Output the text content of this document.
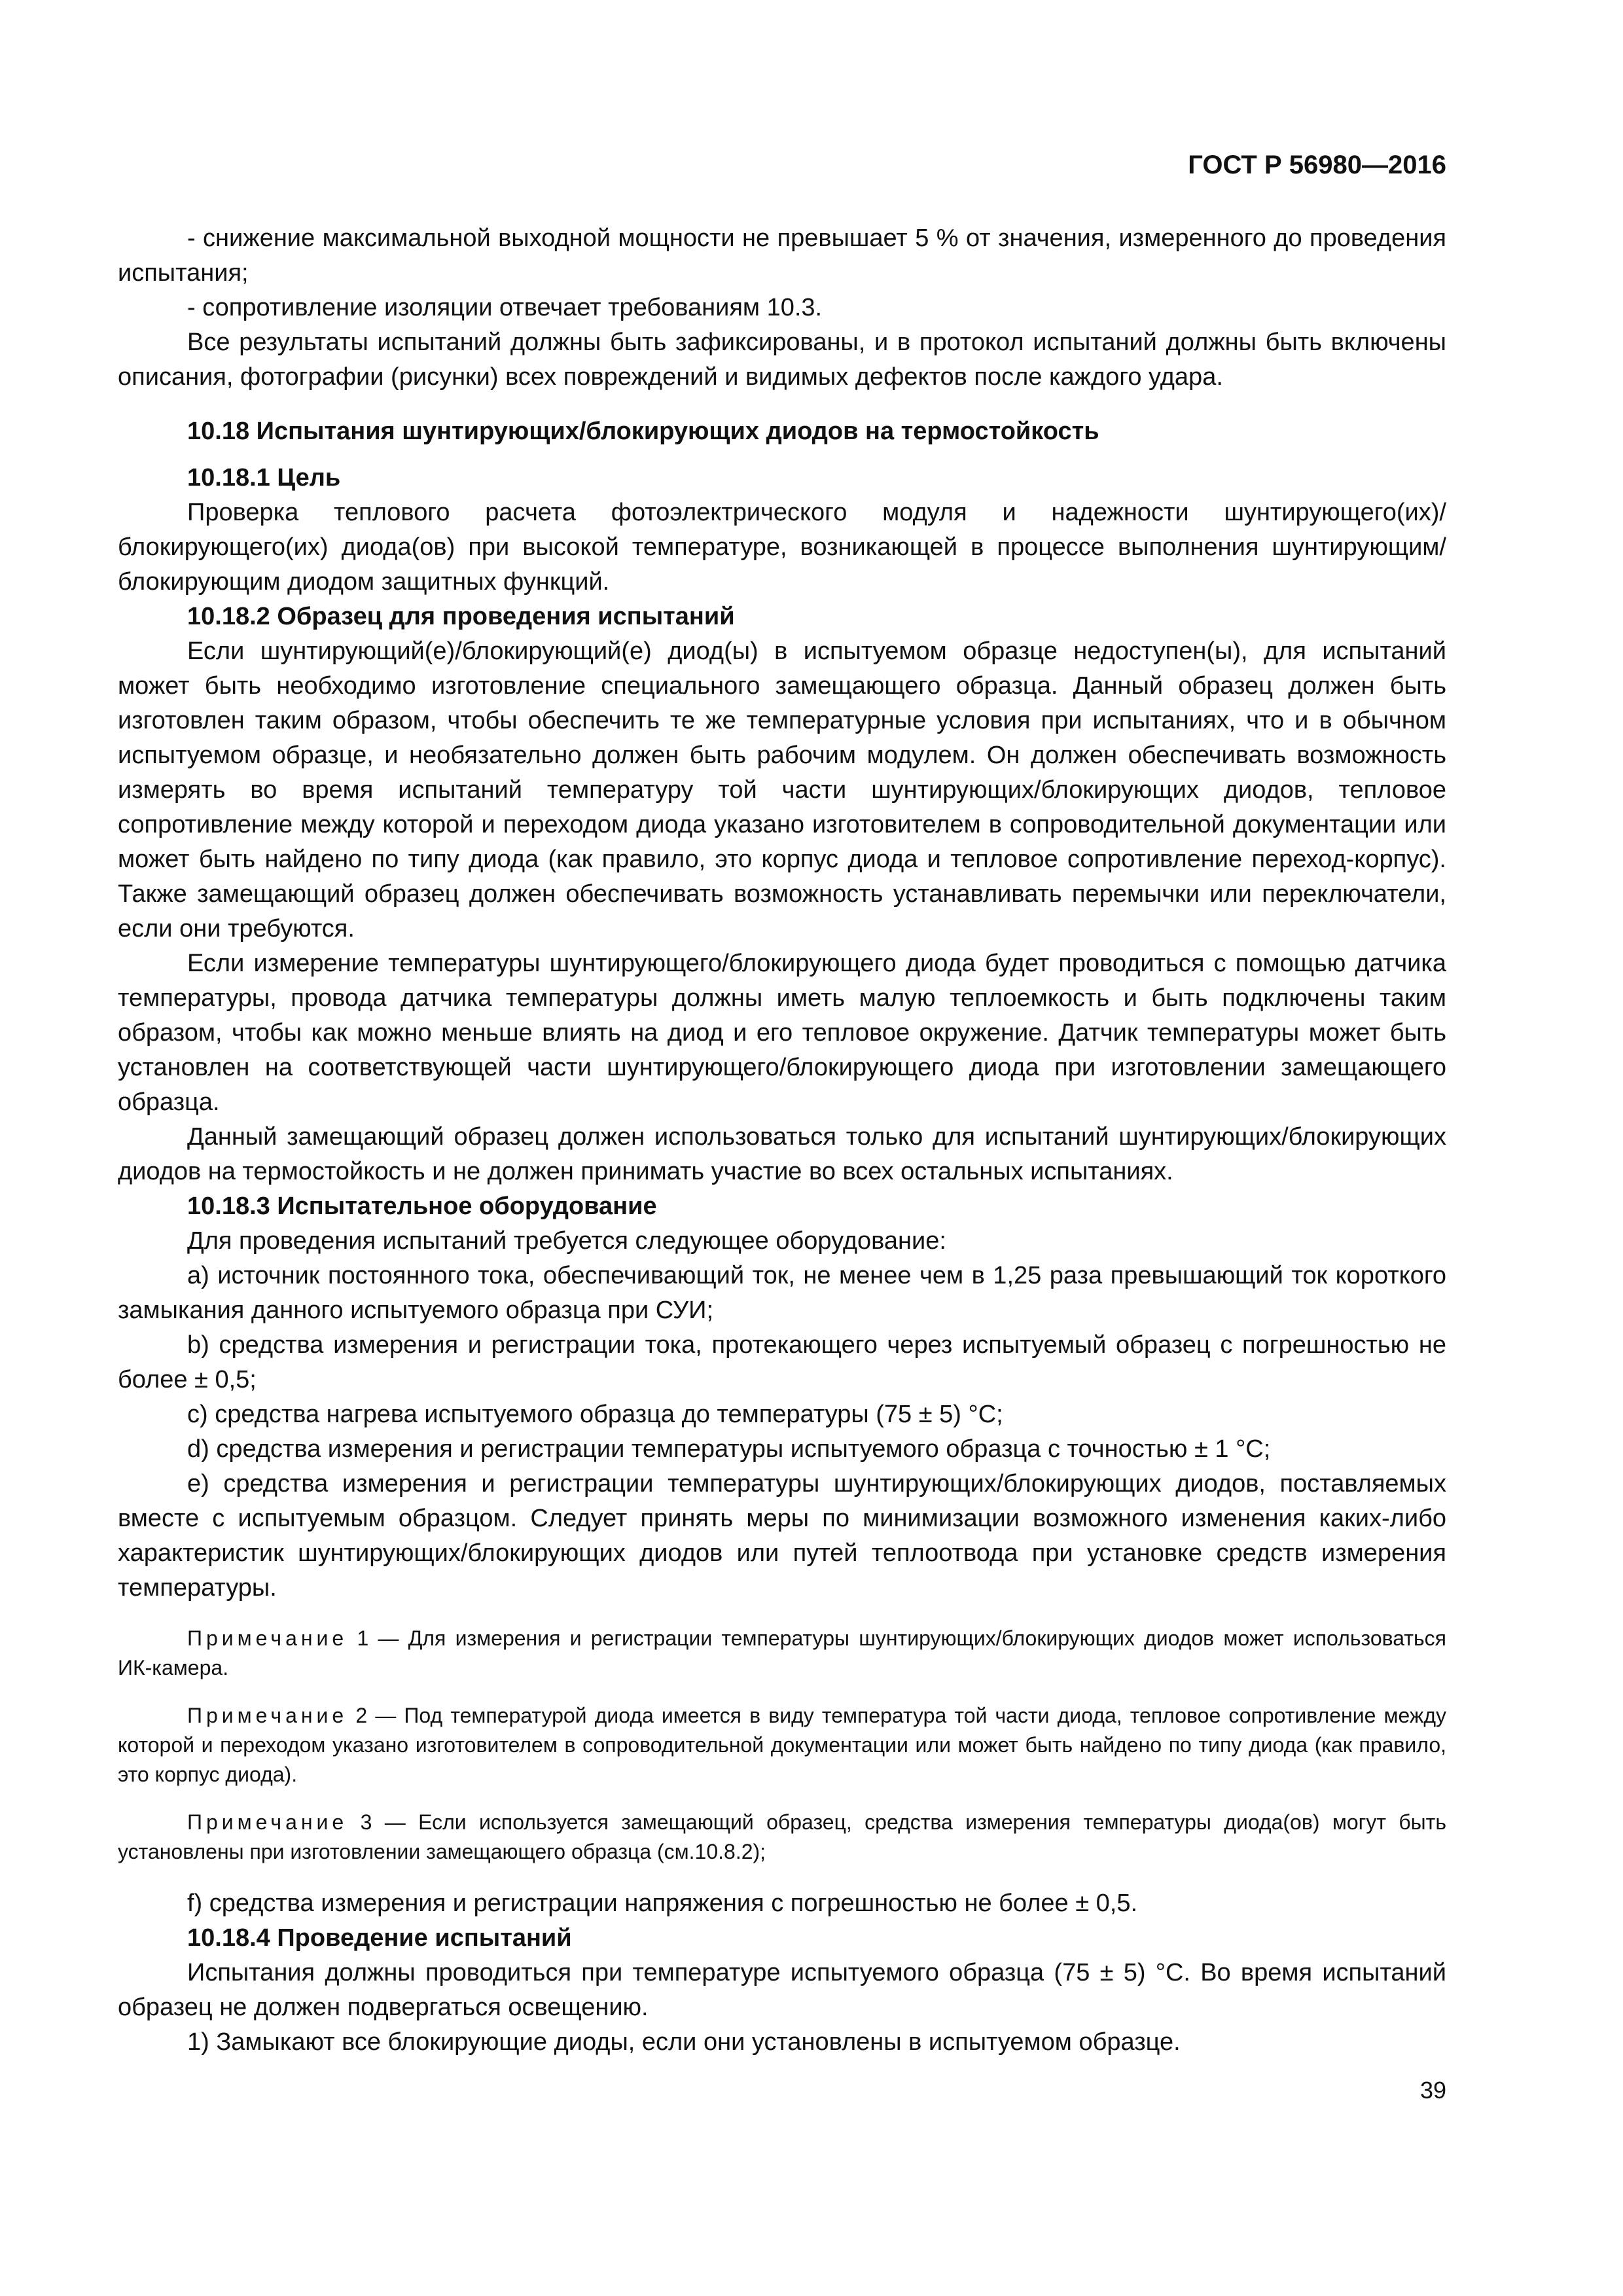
ГОСТ Р 56980—2016

- снижение максимальной выходной мощности не превышает 5 % от значения, измеренного до проведения испытания;

- сопротивление изоляции отвечает требованиям 10.3.

Все результаты испытаний должны быть зафиксированы, и в протокол испытаний должны быть включены описания, фотографии (рисунки) всех повреждений и видимых дефектов после каждого удара.

10.18 Испытания шунтирующих/блокирующих диодов на термостойкость

10.18.1 Цель

Проверка теплового расчета фотоэлектрического модуля и надежности шунтирующего(их)/блокирующего(их) диода(ов) при высокой температуре, возникающей в процессе выполнения шунтирующим/блокирующим диодом защитных функций.

10.18.2 Образец для проведения испытаний

Если шунтирующий(е)/блокирующий(е) диод(ы) в испытуемом образце недоступен(ы), для испытаний может быть необходимо изготовление специального замещающего образца. Данный образец должен быть изготовлен таким образом, чтобы обеспечить те же температурные условия при испытаниях, что и в обычном испытуемом образце, и необязательно должен быть рабочим модулем. Он должен обеспечивать возможность измерять во время испытаний температуру той части шунтирующих/блокирующих диодов, тепловое сопротивление между которой и переходом диода указано изготовителем в сопроводительной документации или может быть найдено по типу диода (как правило, это корпус диода и тепловое сопротивление переход-корпус). Также замещающий образец должен обеспечивать возможность устанавливать перемычки или переключатели, если они требуются.

Если измерение температуры шунтирующего/блокирующего диода будет проводиться с помощью датчика температуры, провода датчика температуры должны иметь малую теплоемкость и быть подключены таким образом, чтобы как можно меньше влиять на диод и его тепловое окружение. Датчик температуры может быть установлен на соответствующей части шунтирующего/блокирующего диода при изготовлении замещающего образца.

Данный замещающий образец должен использоваться только для испытаний шунтирующих/блокирующих диодов на термостойкость и не должен принимать участие во всех остальных испытаниях.

10.18.3 Испытательное оборудование

Для проведения испытаний требуется следующее оборудование:

a) источник постоянного тока, обеспечивающий ток, не менее чем в 1,25 раза превышающий ток короткого замыкания данного испытуемого образца при СУИ;

b) средства измерения и регистрации тока, протекающего через испытуемый образец с погрешностью не более ± 0,5;

c) средства нагрева испытуемого образца до температуры (75 ± 5) °C;

d) средства измерения и регистрации температуры испытуемого образца с точностью ± 1 °C;

e) средства измерения и регистрации температуры шунтирующих/блокирующих диодов, поставляемых вместе с испытуемым образцом. Следует принять меры по минимизации возможного изменения каких-либо характеристик шунтирующих/блокирующих диодов или путей теплоотвода при установке средств измерения температуры.

Примечание 1 — Для измерения и регистрации температуры шунтирующих/блокирующих диодов может использоваться ИК-камера.

Примечание 2 — Под температурой диода имеется в виду температура той части диода, тепловое сопротивление между которой и переходом указано изготовителем в сопроводительной документации или может быть найдено по типу диода (как правило, это корпус диода).

Примечание 3 — Если используется замещающий образец, средства измерения температуры диода(ов) могут быть установлены при изготовлении замещающего образца (см.10.8.2);

f) средства измерения и регистрации напряжения с погрешностью не более ± 0,5.

10.18.4 Проведение испытаний

Испытания должны проводиться при температуре испытуемого образца (75 ± 5) °C. Во время испытаний образец не должен подвергаться освещению.

1) Замыкают все блокирующие диоды, если они установлены в испытуемом образце.

39
